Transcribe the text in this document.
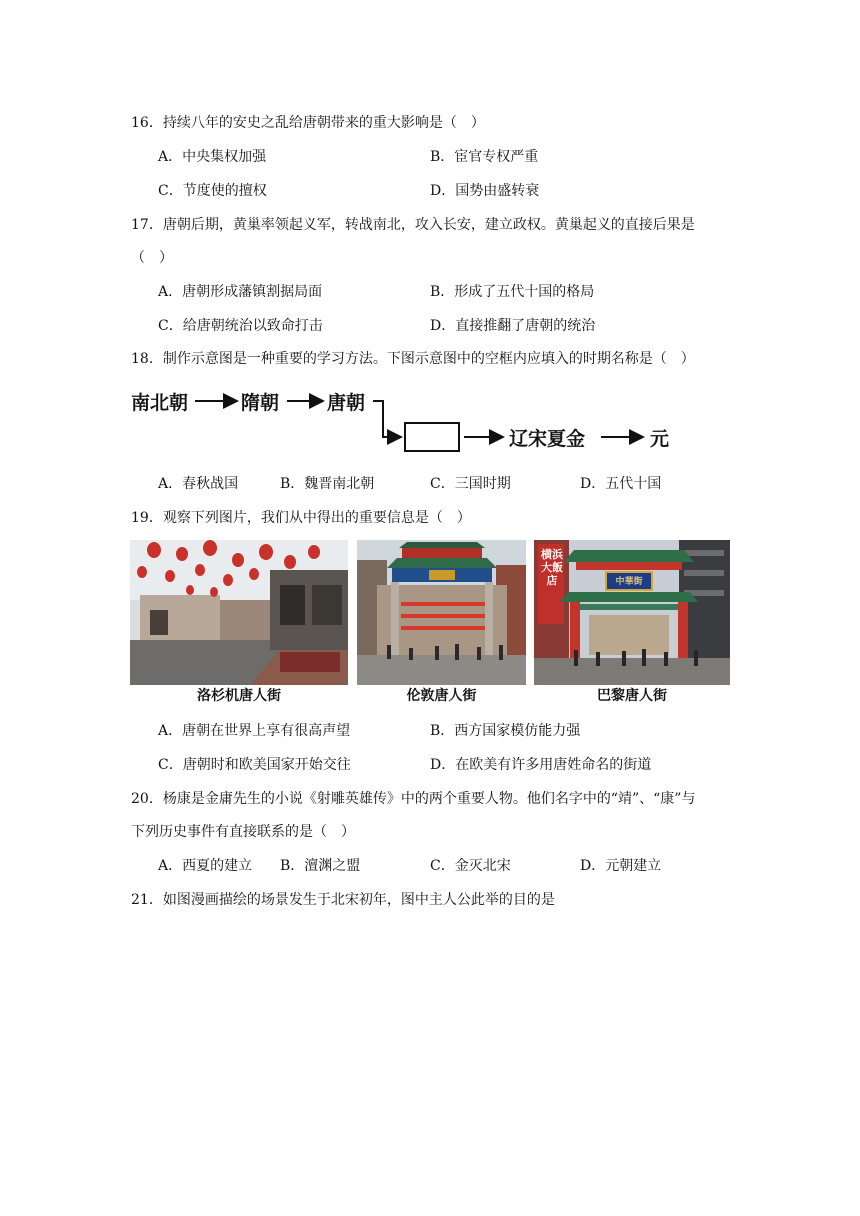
16．持续八年的安史之乱给唐朝带来的重大影响是（　）
A．中央集权加强	B．宦官专权严重
C．节度使的擅权	D．国势由盛转衰
17．唐朝后期，黄巢率领起义军，转战南北，攻入长安，建立政权。黄巢起义的直接后果是
（　）
A．唐朝形成藩镇割据局面	B．形成了五代十国的格局
C．给唐朝统治以致命打击	D．直接推翻了唐朝的统治
18．制作示意图是一种重要的学习方法。下图示意图中的空框内应填入的时期名称是（　）
南北朝	隋朝	唐朝
辽宋夏金	元
A．春秋战国	B．魏晋南北朝	C．三国时期	D．五代十国
19．观察下列图片，我们从中得出的重要信息是（　）
洛杉机唐人街	伦敦唐人街
横浜大飯店	中華街
巴黎唐人街
A．唐朝在世界上享有很高声望	B．西方国家模仿能力强
C．唐朝时和欧美国家开始交往	D．在欧美有许多用唐姓命名的街道
20．杨康是金庸先生的小说《射雕英雄传》中的两个重要人物。他们名字中的“靖”、“康”与
下列历史事件有直接联系的是（　）
A．西夏的建立 B．澶渊之盟	C．金灭北宋	D．元朝建立
21．如图漫画描绘的场景发生于北宋初年，图中主人公此举的目的是
